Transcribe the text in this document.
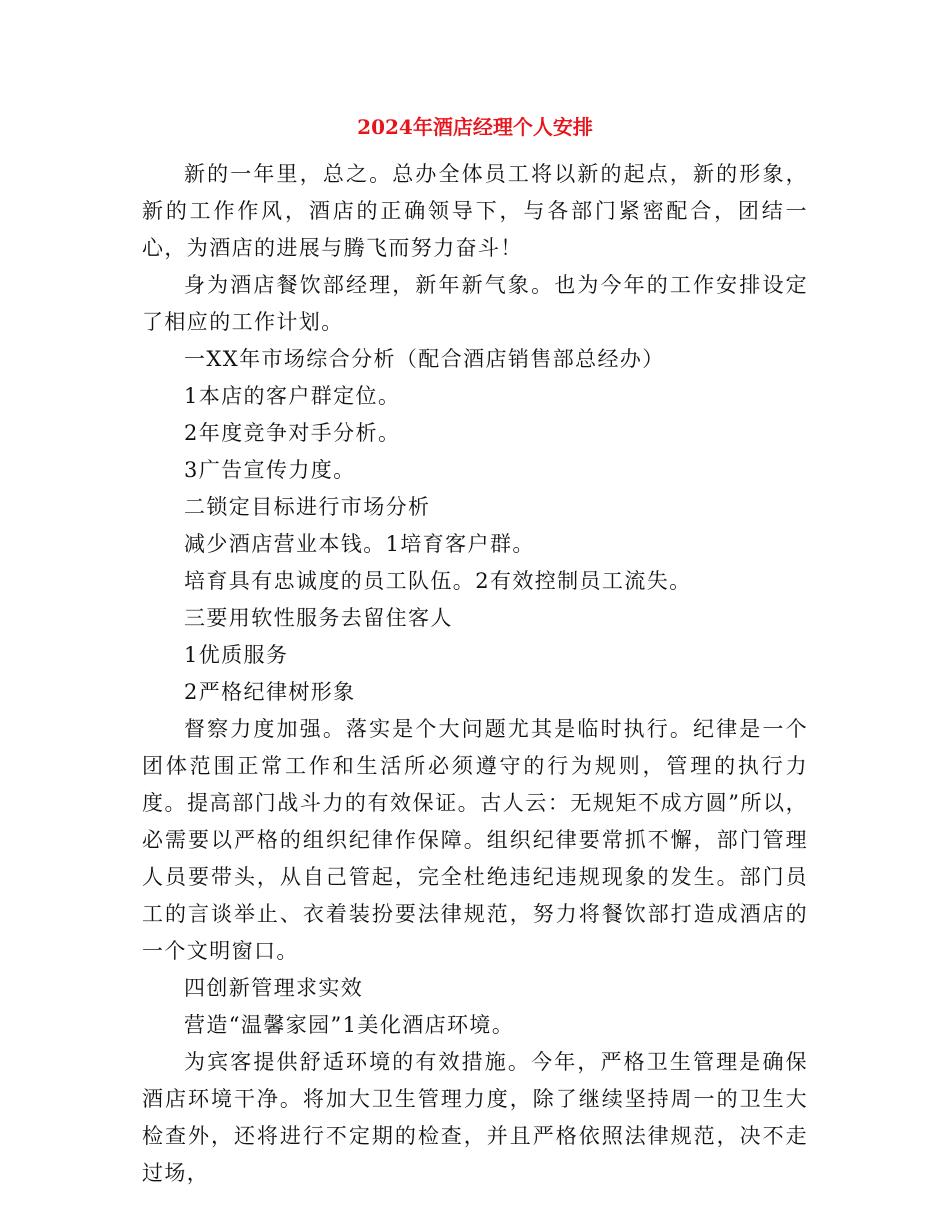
2024年酒店经理个人安排

新的一年里，总之。总办全体员工将以新的起点，新的形象，新的工作作风，酒店的正确领导下，与各部门紧密配合，团结一心，为酒店的进展与腾飞而努力奋斗！

身为酒店餐饮部经理，新年新气象。也为今年的工作安排设定了相应的工作计划。

一XX年市场综合分析（配合酒店销售部总经办）

1本店的客户群定位。

2年度竞争对手分析。

3广告宣传力度。

二锁定目标进行市场分析

减少酒店营业本钱。1培育客户群。

培育具有忠诚度的员工队伍。2有效控制员工流失。

三要用软性服务去留住客人

1优质服务

2严格纪律树形象

督察力度加强。落实是个大问题尤其是临时执行。纪律是一个团体范围正常工作和生活所必须遵守的行为规则，管理的执行力度。提高部门战斗力的有效保证。古人云：无规矩不成方圆”所以，必需要以严格的组织纪律作保障。组织纪律要常抓不懈，部门管理人员要带头，从自己管起，完全杜绝违纪违规现象的发生。部门员工的言谈举止、衣着装扮要法律规范，努力将餐饮部打造成酒店的一个文明窗口。

四创新管理求实效

营造“温馨家园”1美化酒店环境。

为宾客提供舒适环境的有效措施。今年，严格卫生管理是确保酒店环境干净。将加大卫生管理力度，除了继续坚持周一的卫生大检查外，还将进行不定期的检查，并且严格依照法律规范，决不走过场，
